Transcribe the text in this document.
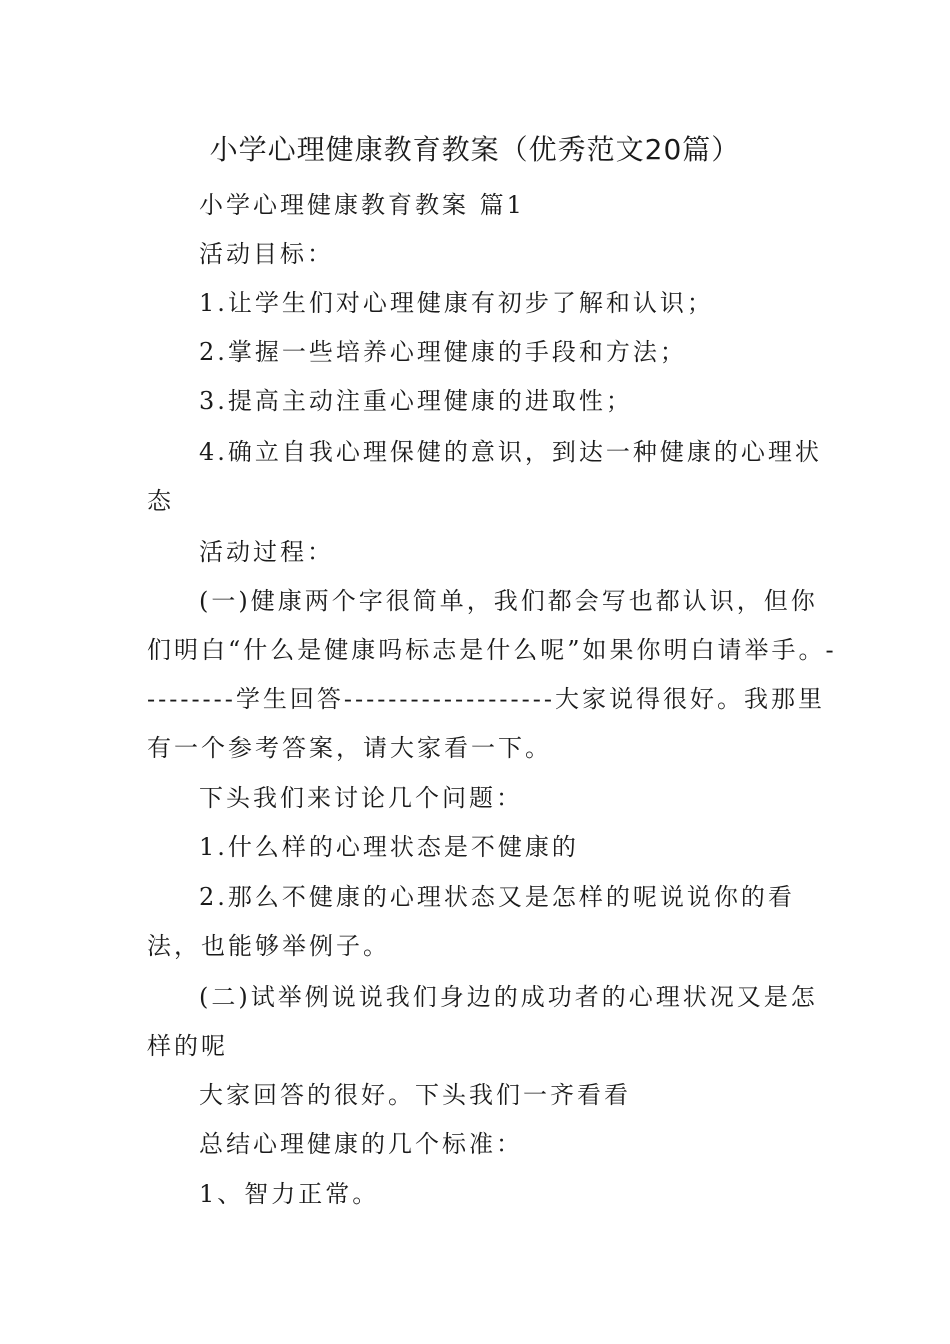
小学心理健康教育教案（优秀范文20篇）

小学心理健康教育教案 篇1

活动目标：

1.让学生们对心理健康有初步了解和认识；

2.掌握一些培养心理健康的手段和方法；

3.提高主动注重心理健康的进取性；

4.确立自我心理保健的意识，到达一种健康的心理状态

活动过程：

(一)健康两个字很简单，我们都会写也都认识，但你们明白“什么是健康吗标志是什么呢”如果你明白请举手。---------学生回答-------------------大家说得很好。我那里有一个参考答案，请大家看一下。

下头我们来讨论几个问题：

1.什么样的心理状态是不健康的

2.那么不健康的心理状态又是怎样的呢说说你的看法，也能够举例子。

(二)试举例说说我们身边的成功者的心理状况又是怎样的呢

大家回答的很好。下头我们一齐看看

总结心理健康的几个标准：

1、智力正常。
